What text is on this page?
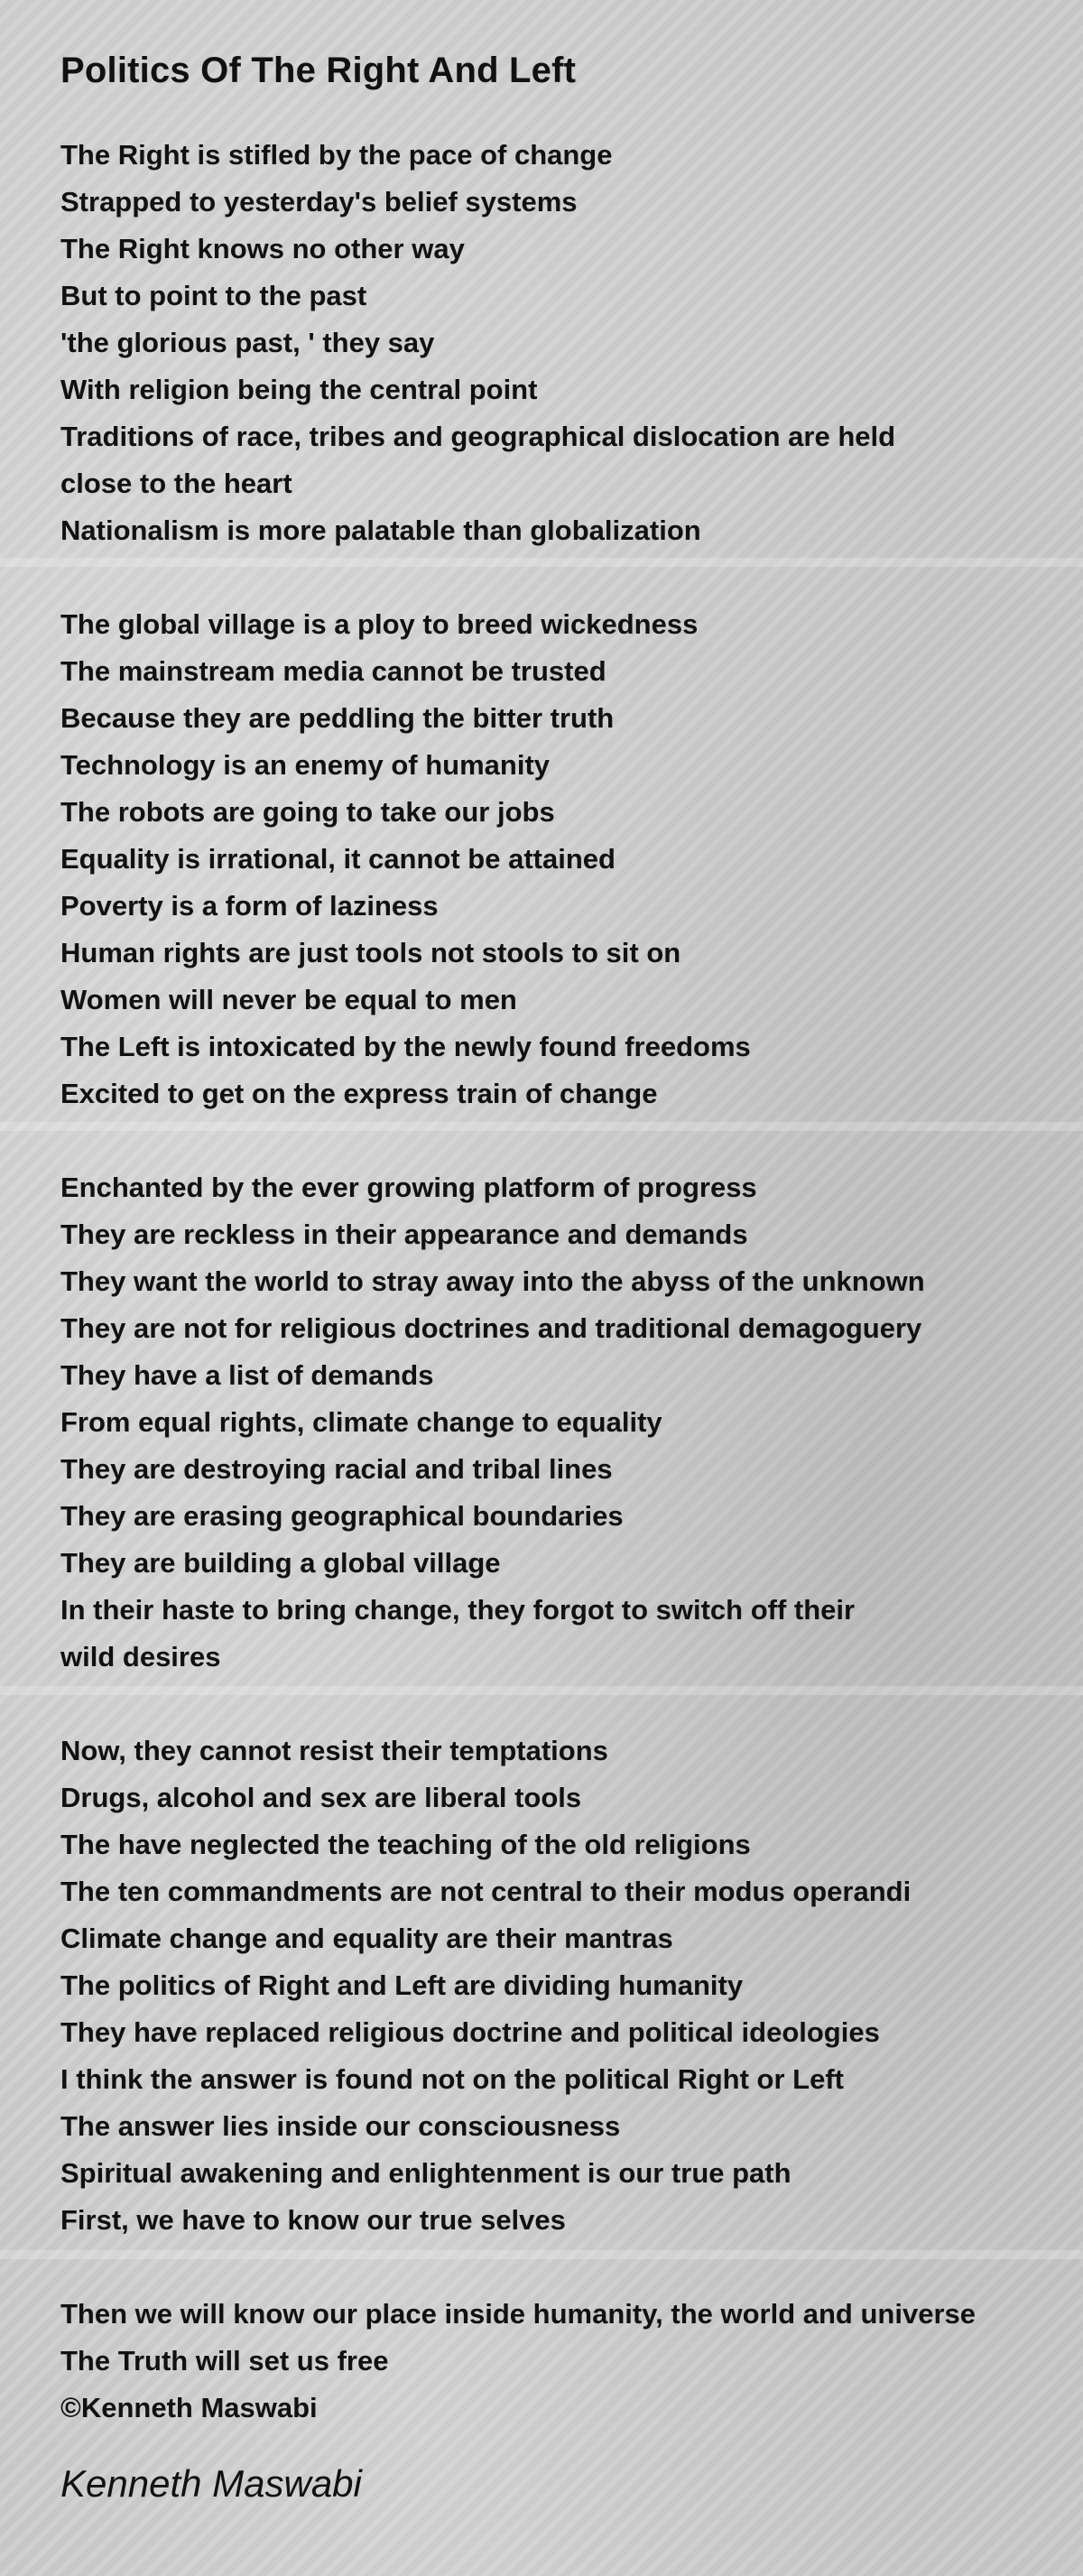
Politics Of The Right And Left
The Right is stifled by the pace of change
Strapped to yesterday's belief systems
The Right knows no other way
But to point to the past
'the glorious past, ' they say
With religion being the central point
Traditions of race, tribes and geographical dislocation are held
close to the heart
Nationalism is more palatable than globalization
The global village is a ploy to breed wickedness
The mainstream media cannot be trusted
Because they are peddling the bitter truth
Technology is an enemy of humanity
The robots are going to take our jobs
Equality is irrational, it cannot be attained
Poverty is a form of laziness
Human rights are just tools not stools to sit on
Women will never be equal to men
The Left is intoxicated by the newly found freedoms
Excited to get on the express train of change
Enchanted by the ever growing platform of progress
They are reckless in their appearance and demands
They want the world to stray away into the abyss of the unknown
They are not for religious doctrines and traditional demagoguery
They have a list of demands
From equal rights, climate change to equality
They are destroying racial and tribal lines
They are erasing geographical boundaries
They are building a global village
In their haste to bring change, they forgot to switch off their
wild desires
Now, they cannot resist their temptations
Drugs, alcohol and sex are liberal tools
The have neglected the teaching of the old religions
The ten commandments are not central to their modus operandi
Climate change and equality are their mantras
The politics of Right and Left are dividing humanity
They have replaced religious doctrine and political ideologies
I think the answer is found not on the political Right or Left
The answer lies inside our consciousness
Spiritual awakening and enlightenment is our true path
First, we have to know our true selves
Then we will know our place inside humanity, the world and universe
The Truth will set us free
©Kenneth Maswabi
Kenneth Maswabi
